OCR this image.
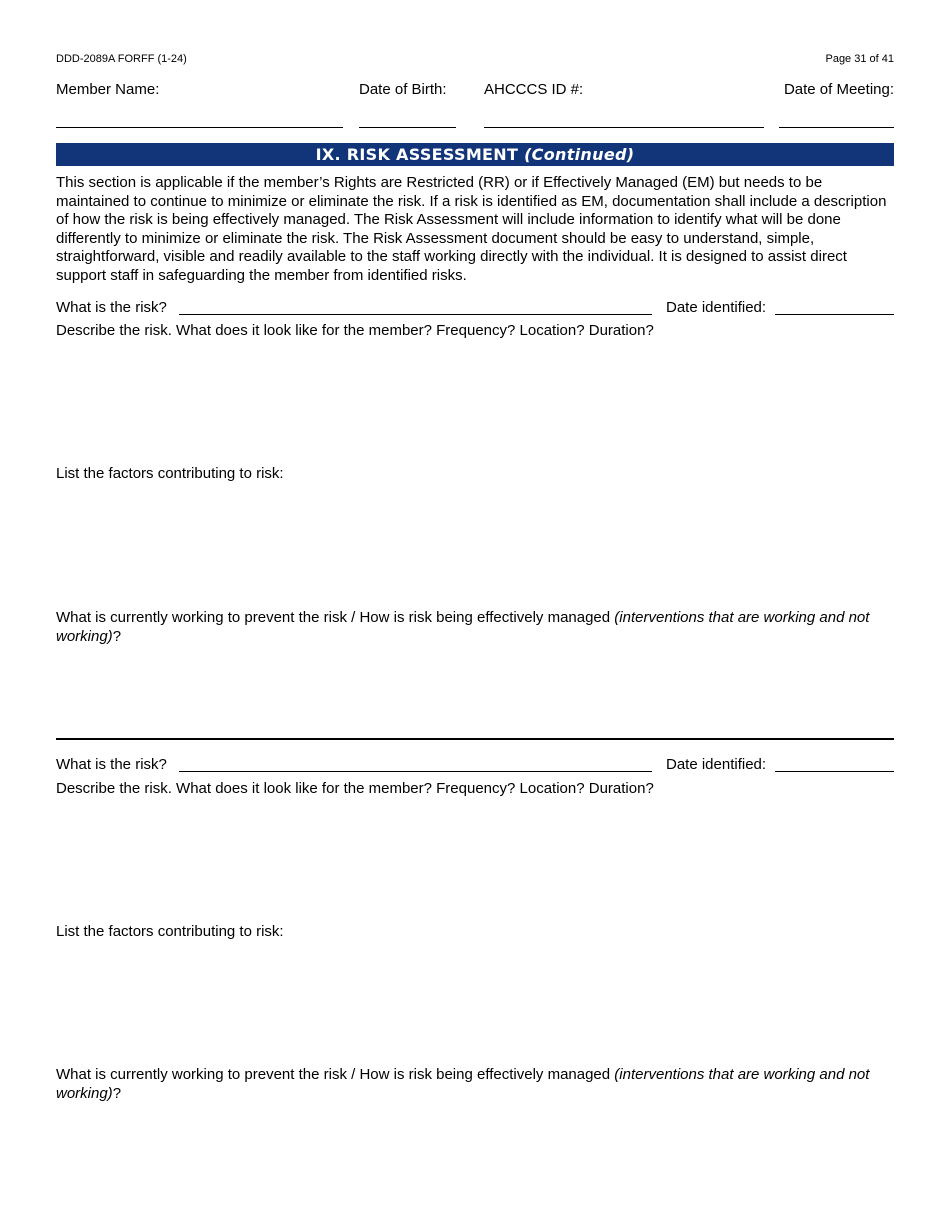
DDD-2089A FORFF (1-24)	Page 31 of 41
Member Name:	Date of Birth: AHCCCS ID #:	Date of Meeting:
IX. RISK ASSESSMENT (Continued)
This section is applicable if the member’s Rights are Restricted (RR) or if Effectively Managed (EM) but needs to be maintained to continue to minimize or eliminate the risk. If a risk is identified as EM, documentation shall include a description of how the risk is being effectively managed. The Risk Assessment will include information to identify what will be done differently to minimize or eliminate the risk. The Risk Assessment document should be easy to understand, simple, straightforward, visible and readily available to the staff working directly with the individual. It is designed to assist direct support staff in safeguarding the member from identified risks.
What is the risk?	Date identified:
Describe the risk. What does it look like for the member? Frequency? Location? Duration?
List the factors contributing to risk:
What is currently working to prevent the risk / How is risk being effectively managed (interventions that are working and not working)?
What is the risk?	Date identified:
Describe the risk. What does it look like for the member? Frequency? Location? Duration?
List the factors contributing to risk:
What is currently working to prevent the risk / How is risk being effectively managed (interventions that are working and not working)?
